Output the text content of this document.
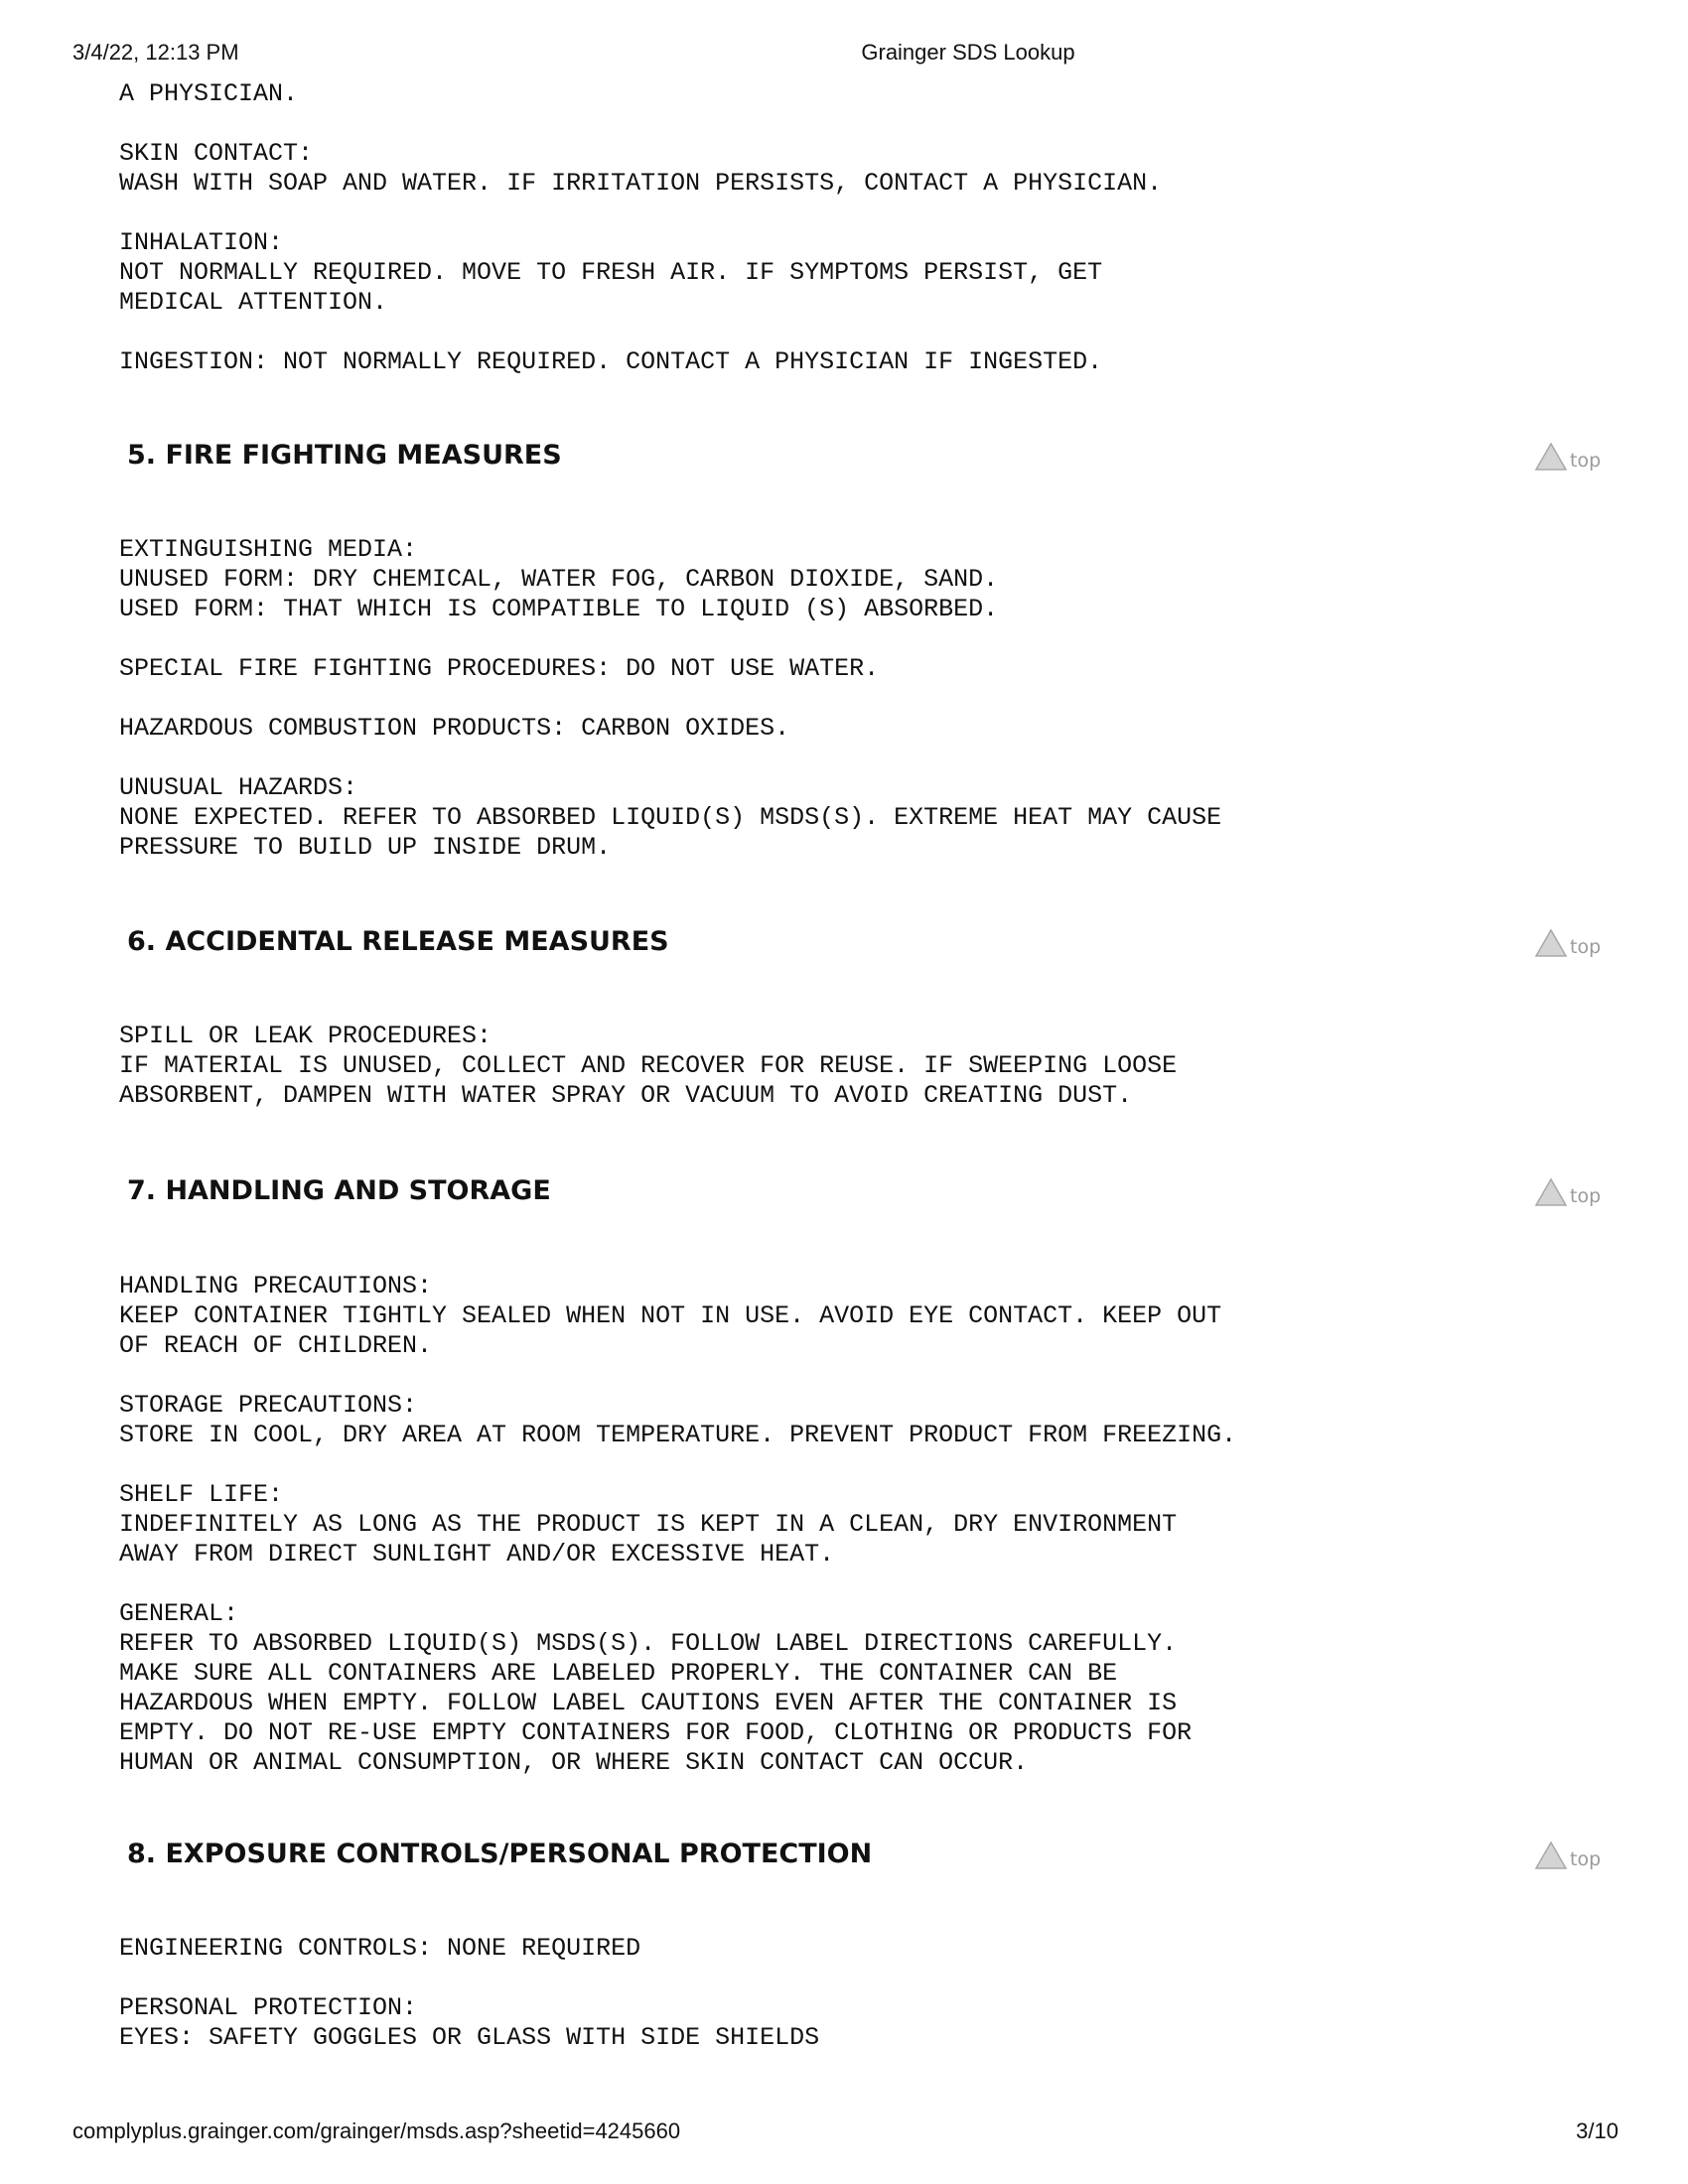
3/4/22, 12:13 PM	Grainger SDS Lookup
A PHYSICIAN.

SKIN CONTACT:
WASH WITH SOAP AND WATER. IF IRRITATION PERSISTS, CONTACT A PHYSICIAN.

INHALATION:
NOT NORMALLY REQUIRED. MOVE TO FRESH AIR. IF SYMPTOMS PERSIST, GET
MEDICAL ATTENTION.

INGESTION: NOT NORMALLY REQUIRED. CONTACT A PHYSICIAN IF INGESTED.
5. FIRE FIGHTING MEASURES	top
EXTINGUISHING MEDIA:
UNUSED FORM: DRY CHEMICAL, WATER FOG, CARBON DIOXIDE, SAND.
USED FORM: THAT WHICH IS COMPATIBLE TO LIQUID (S) ABSORBED.

SPECIAL FIRE FIGHTING PROCEDURES: DO NOT USE WATER.

HAZARDOUS COMBUSTION PRODUCTS: CARBON OXIDES.

UNUSUAL HAZARDS:
NONE EXPECTED. REFER TO ABSORBED LIQUID(S) MSDS(S). EXTREME HEAT MAY CAUSE
PRESSURE TO BUILD UP INSIDE DRUM.
6. ACCIDENTAL RELEASE MEASURES	top
SPILL OR LEAK PROCEDURES:
IF MATERIAL IS UNUSED, COLLECT AND RECOVER FOR REUSE. IF SWEEPING LOOSE
ABSORBENT, DAMPEN WITH WATER SPRAY OR VACUUM TO AVOID CREATING DUST.
7. HANDLING AND STORAGE	top
HANDLING PRECAUTIONS:
KEEP CONTAINER TIGHTLY SEALED WHEN NOT IN USE. AVOID EYE CONTACT. KEEP OUT
OF REACH OF CHILDREN.

STORAGE PRECAUTIONS:
STORE IN COOL, DRY AREA AT ROOM TEMPERATURE. PREVENT PRODUCT FROM FREEZING.

SHELF LIFE:
INDEFINITELY AS LONG AS THE PRODUCT IS KEPT IN A CLEAN, DRY ENVIRONMENT
AWAY FROM DIRECT SUNLIGHT AND/OR EXCESSIVE HEAT.

GENERAL:
REFER TO ABSORBED LIQUID(S) MSDS(S). FOLLOW LABEL DIRECTIONS CAREFULLY.
MAKE SURE ALL CONTAINERS ARE LABELED PROPERLY. THE CONTAINER CAN BE
HAZARDOUS WHEN EMPTY. FOLLOW LABEL CAUTIONS EVEN AFTER THE CONTAINER IS
EMPTY. DO NOT RE-USE EMPTY CONTAINERS FOR FOOD, CLOTHING OR PRODUCTS FOR
HUMAN OR ANIMAL CONSUMPTION, OR WHERE SKIN CONTACT CAN OCCUR.
8. EXPOSURE CONTROLS/PERSONAL PROTECTION	top
ENGINEERING CONTROLS: NONE REQUIRED

PERSONAL PROTECTION:
EYES: SAFETY GOGGLES OR GLASS WITH SIDE SHIELDS
complyplus.grainger.com/grainger/msds.asp?sheetid=4245660	3/10
